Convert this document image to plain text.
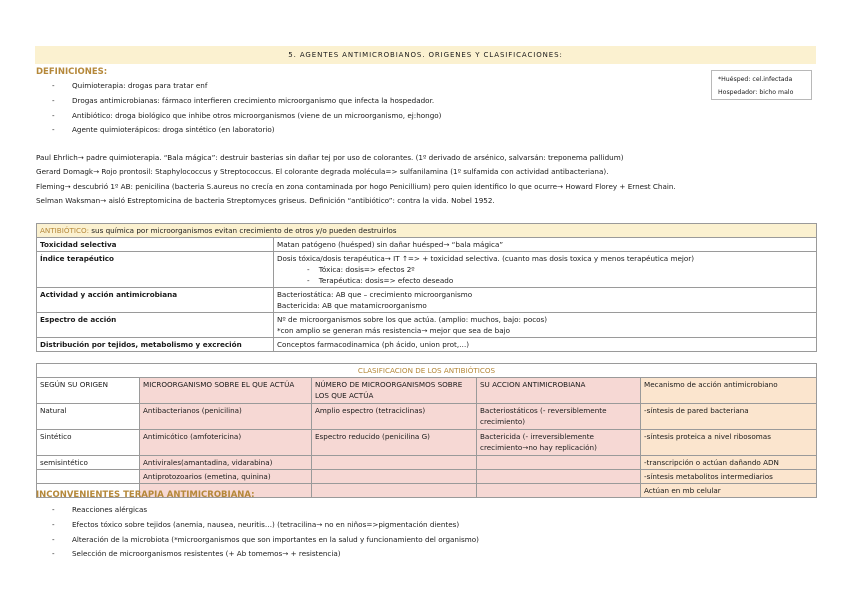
5. AGENTES ANTIMICROBIANOS. ORIGENES Y CLASIFICACIONES:
DEFINICIONES:
- Quimioterapia: drogas para tratar enf
- Drogas antimicrobianas: fármaco interfieren crecimiento microorganismo que infecta la hospedador.
- Antibiótico: droga biológico que inhibe otros microorganismos (viene de un microorganismo, ej:hongo)
- Agente quimioterápicos: droga sintético (en laboratorio)
*Huésped: cel.infectada
Hospedador: bicho malo
Paul Ehrlich→ padre quimioterapia. “Bala mágica”: destruir basterias sin dañar tej por uso de colorantes. (1º derivado de arsénico, salvarsán: treponema pallidum)
Gerard Domagk→ Rojo prontosil: Staphylococcus y Streptococcus. El colorante degrada molécula=> sulfanilamina (1º sulfamida con actividad antibacteriana).
Fleming→ descubrió 1º AB: penicilina (bacteria S.aureus no crecía en zona contaminada por hogo Penicillium) pero quien identifico lo que ocurre→ Howard Florey + Ernest Chain.
Selman Waksman→ aisló Estreptomicina de bacteria Streptomyces griseus. Definición “antibiótico”: contra la vida. Nobel 1952.
ANTIBIÓTICO: sus química por microorganismos evitan crecimiento de otros y/o pueden destruirlos	
Toxicidad selectiva	Matan patógeno (huésped) sin dañar huésped→ “bala mágica”

Índice terapéutico	Dosis tóxica/dosis terapéutica→ IT ↑=> + toxicidad selectiva. (cuanto mas dosis toxica y menos terapéutica mejor)
-    Tóxica: dosis=> efectos 2º
-    Terapéutica: dosis=> efecto deseado

Actividad y acción antimicrobiana	Bacteriostática: AB que – crecimiento microorganismo
Bactericida: AB que matamicroorganismo

Espectro de acción	Nº de microorganismos sobre los que actúa. (amplio: muchos, bajo: pocos)
*con amplio se generan más resistencia→ mejor que sea de bajo

Distribución por tejidos, metabolismo y excreción	Conceptos farmacodinamica (ph ácido, union prot,…)
CLASIFICACION DE LOS ANTIBIÓTICOS				
SEGÚN SU ORIGEN	MICROORGANISMO SOBRE EL QUE ACTÚA	NÚMERO DE MICROORGANISMOS SOBRE LOS QUE ACTÚA	SU ACCION ANTIMICROBIANA	Mecanismo de acción antimicrobiano
Natural	Antibacterianos (penicilina)	Amplio espectro (tetraciclinas)	Bacteriostáticos (- reversiblemente crecimiento)	-síntesis de pared bacteriana
Sintético	Antimicótico (amfotericina)	Espectro reducido (penicilina G)	Bactericida (- irreversiblemente crecimiento→no hay replicación)	-síntesis proteica a nivel ribosomas
semisintético	Antivirales(amantadina, vidarabina)			-transcripción o actúan dañando ADN
	Antiprotozoarios (emetina, quinina)			-síntesis metabolitos intermediarios
				Actúan en mb celular
INCONVENIENTES TERAPIA ANTIMICROBIANA:
- Reacciones alérgicas
- Efectos tóxico sobre tejidos (anemia, nausea, neuritis…) (tetracilina→ no en niños=>pigmentación dientes)
- Alteración de la microbiota (*microorganismos que son importantes en la salud y funcionamiento del organismo)
- Selección de microorganismos resistentes (+ Ab tomemos→ + resistencia)
